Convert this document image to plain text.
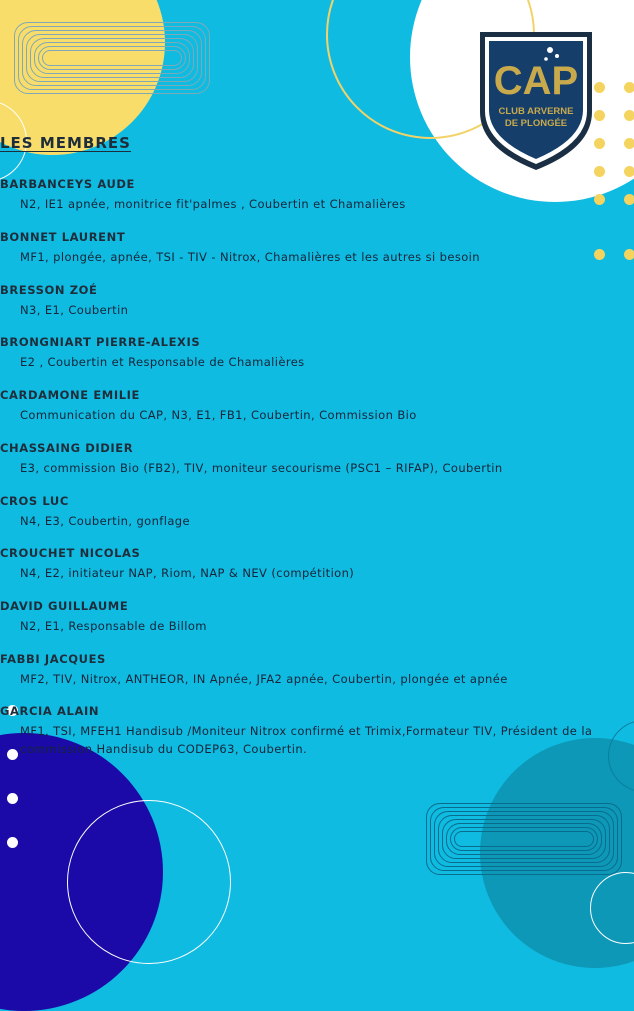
CAP
CLUB ARVERNE
DE PLONGÉE
LES MEMBRES
BARBANCEYS AUDE
N2, IE1 apnée, monitrice fit'palmes , Coubertin et Chamalières
BONNET LAURENT
MF1, plongée, apnée, TSI - TIV - Nitrox, Chamalières et les autres si besoin
BRESSON ZOÉ
N3, E1, Coubertin
BRONGNIART PIERRE-ALEXIS
E2 , Coubertin et Responsable de Chamalières
CARDAMONE EMILIE
Communication du CAP, N3, E1, FB1, Coubertin, Commission Bio
CHASSAING DIDIER
E3, commission Bio (FB2), TIV, moniteur secourisme (PSC1 – RIFAP), Coubertin
CROS LUC
N4, E3, Coubertin, gonflage
CROUCHET NICOLAS
N4, E2, initiateur NAP, Riom, NAP & NEV (compétition)
DAVID GUILLAUME
N2, E1, Responsable de Billom
FABBI JACQUES
MF2, TIV, Nitrox, ANTHEOR, IN Apnée, JFA2 apnée, Coubertin, plongée et apnée
GARCIA ALAIN
MF1, TSI, MFEH1 Handisub /Moniteur Nitrox confirmé et Trimix,Formateur TIV, Président de la commission Handisub du CODEP63, Coubertin.
